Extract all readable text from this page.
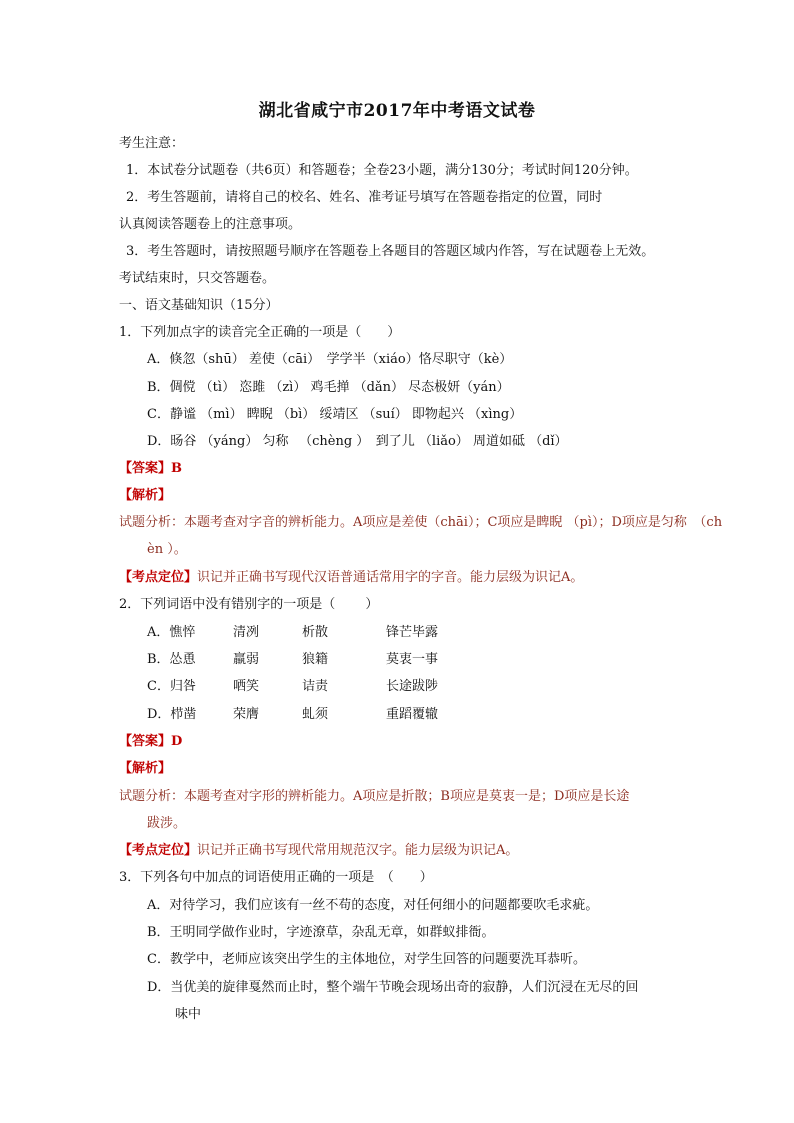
湖北省咸宁市2017年中考语文试卷
考生注意：
1．本试卷分试题卷（共6页）和答题卷；全卷23小题，满分130分；考试时间120分钟。
2．考生答题前，请将自己的校名、姓名、准考证号填写在答题卷指定的位置，同时
认真阅读答题卷上的注意事项。
3．考生答题时，请按照题号顺序在答题卷上各题目的答题区域内作答，写在试题卷上无效。
考试结束时，只交答题卷。
一、语文基础知识（15分）
1．下列加点字的读音完全正确的一项是（　　）
A．倏忽（shū） 差使（cāi）　学学半（xiáo）恪尽职守（kè）
B．倜傥 （tì） 恣雎 （zì） 鸡毛掸 （dǎn） 尽态极妍（yán）
C．静谧 （mì） 睥睨 （bì） 绥靖区 （suí） 即物起兴 （xìng）
D．旸谷 （yáng） 匀称 　（chèng ）　到了儿 （liǎo） 周道如砥 （dǐ）
【答案】B
【解析】
试题分析：本题考查对字音的辨析能力。A项应是差使（chāi）；C项应是睥睨 （pì）；D项应是匀称　（ch
èn ）。
【考点定位】识记并正确书写现代汉语普通话常用字的字音。能力层级为识记A。
2．下列词语中没有错别字的一项是（　　 ）
A．憔悴	清冽	析散	锋芒毕露
B．怂恿	羸弱	狼籍	莫衷一事
C．归咎	哂笑	诘责	长途跋陟
D．栉凿	荣膺	虬须	重蹈覆辙
【答案】D
【解析】
试题分析：本题考查对字形的辨析能力。A项应是折散；B项应是莫衷一是；D项应是长途
跋涉。
【考点定位】识记并正确书写现代常用规范汉字。能力层级为识记A。
3．下列各句中加点的词语使用正确的一项是　（　　）
A．对待学习，我们应该有一丝不苟的态度，对任何细小的问题都要吹毛求疵。
B．王明同学做作业时，字迹潦草，杂乱无章，如群蚁排衙。
C．教学中，老师应该突出学生的主体地位，对学生回答的问题要洗耳恭听。
D．当优美的旋律戛然而止时，整个端午节晚会现场出奇的寂静，人们沉浸在无尽的回
味中
